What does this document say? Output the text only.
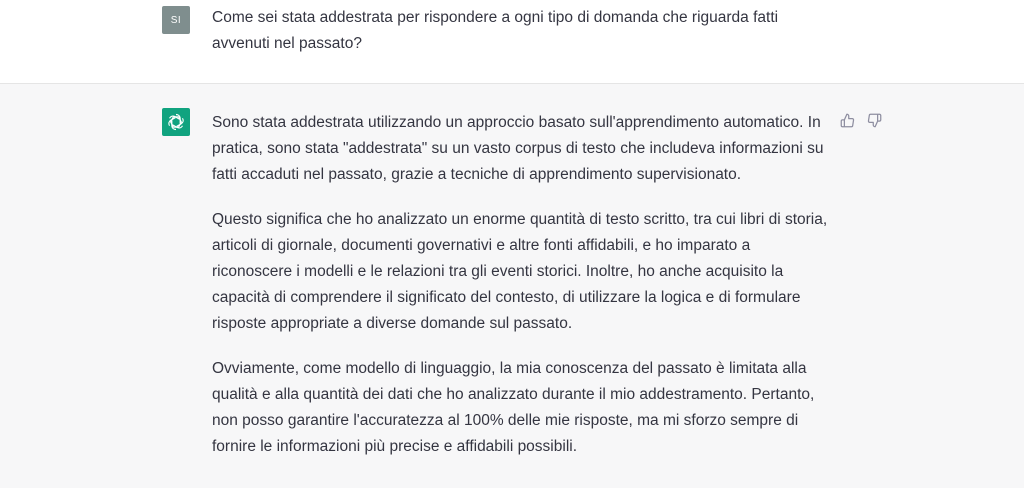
SI	Come sei stata addestrata per rispondere a ogni tipo di domanda che riguarda fatti avvenuti nel passato?

Sono stata addestrata utilizzando un approccio basato sull'apprendimento automatico. In pratica, sono stata "addestrata" su un vasto corpus di testo che includeva informazioni su fatti accaduti nel passato, grazie a tecniche di apprendimento supervisionato.

Questo significa che ho analizzato un enorme quantità di testo scritto, tra cui libri di storia, articoli di giornale, documenti governativi e altre fonti affidabili, e ho imparato a riconoscere i modelli e le relazioni tra gli eventi storici. Inoltre, ho anche acquisito la capacità di comprendere il significato del contesto, di utilizzare la logica e di formulare risposte appropriate a diverse domande sul passato.

Ovviamente, come modello di linguaggio, la mia conoscenza del passato è limitata alla qualità e alla quantità dei dati che ho analizzato durante il mio addestramento. Pertanto, non posso garantire l'accuratezza al 100% delle mie risposte, ma mi sforzo sempre di fornire le informazioni più precise e affidabili possibili.
